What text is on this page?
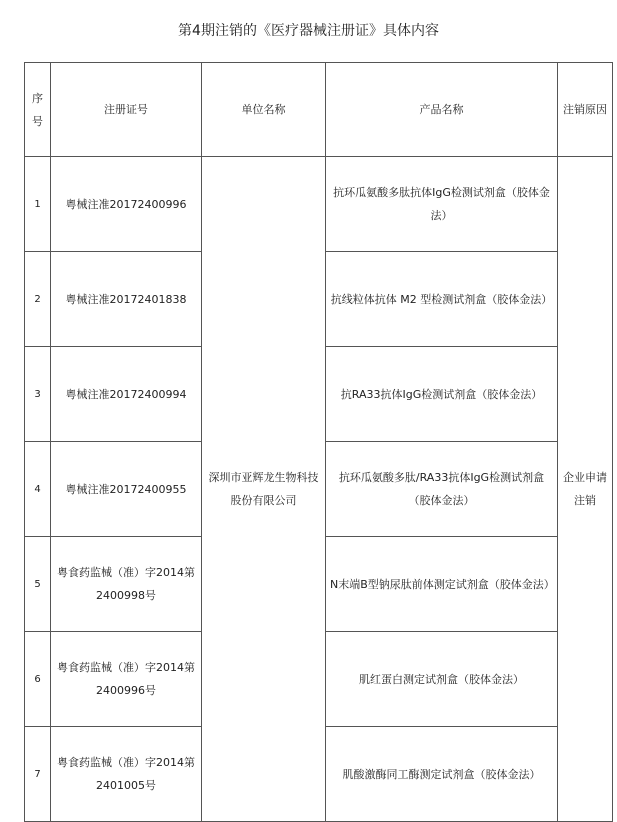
第4期注销的《医疗器械注册证》具体内容
序号	注册证号	单位名称	产品名称	注销原因
1	粤械注准20172400996	深圳市亚辉龙生物科技股份有限公司	抗环瓜氨酸多肽抗体IgG检测试剂盒（胶体金法）	企业申请注销
2	粤械注准20172401838		抗线粒体抗体 M2 型检测试剂盒（胶体金法）	
3	粤械注准20172400994		抗RA33抗体IgG检测试剂盒（胶体金法）	
4	粤械注准20172400955		抗环瓜氨酸多肽/RA33抗体IgG检测试剂盒（胶体金法）	
5	粤食药监械（准）字2014第2400998号		N末端B型钠尿肽前体测定试剂盒（胶体金法）	
6	粤食药监械（准）字2014第2400996号		肌红蛋白测定试剂盒（胶体金法）	
7	粤食药监械（准）字2014第2401005号		肌酸激酶同工酶测定试剂盒（胶体金法）	
